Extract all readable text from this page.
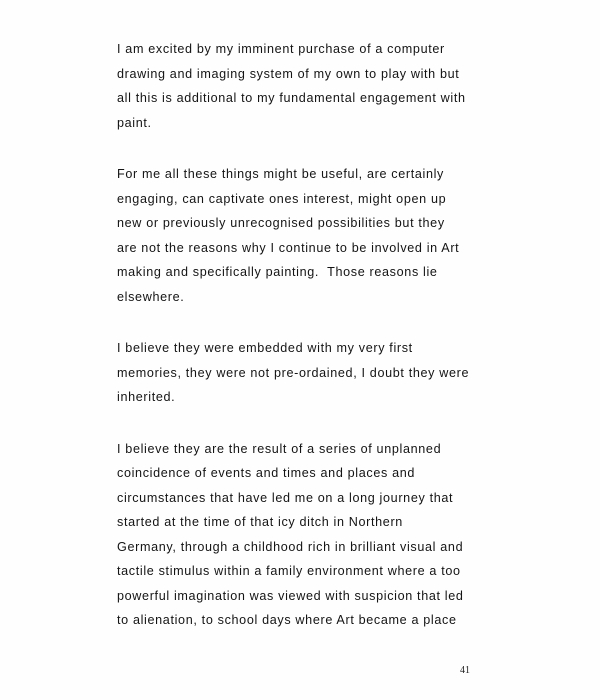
I am excited by my imminent purchase of a computer
drawing and imaging system of my own to play with but
all this is additional to my fundamental engagement with
paint.

For me all these things might be useful, are certainly
engaging, can captivate ones interest, might open up
new or previously unrecognised possibilities but they
are not the reasons why I continue to be involved in Art
making and specifically painting.  Those reasons lie
elsewhere.

I believe they were embedded with my very first
memories, they were not pre-ordained, I doubt they were
inherited.

I believe they are the result of a series of unplanned
coincidence of events and times and places and
circumstances that have led me on a long journey that
started at the time of that icy ditch in Northern
Germany, through a childhood rich in brilliant visual and
tactile stimulus within a family environment where a too
powerful imagination was viewed with suspicion that led
to alienation, to school days where Art became a place

41
